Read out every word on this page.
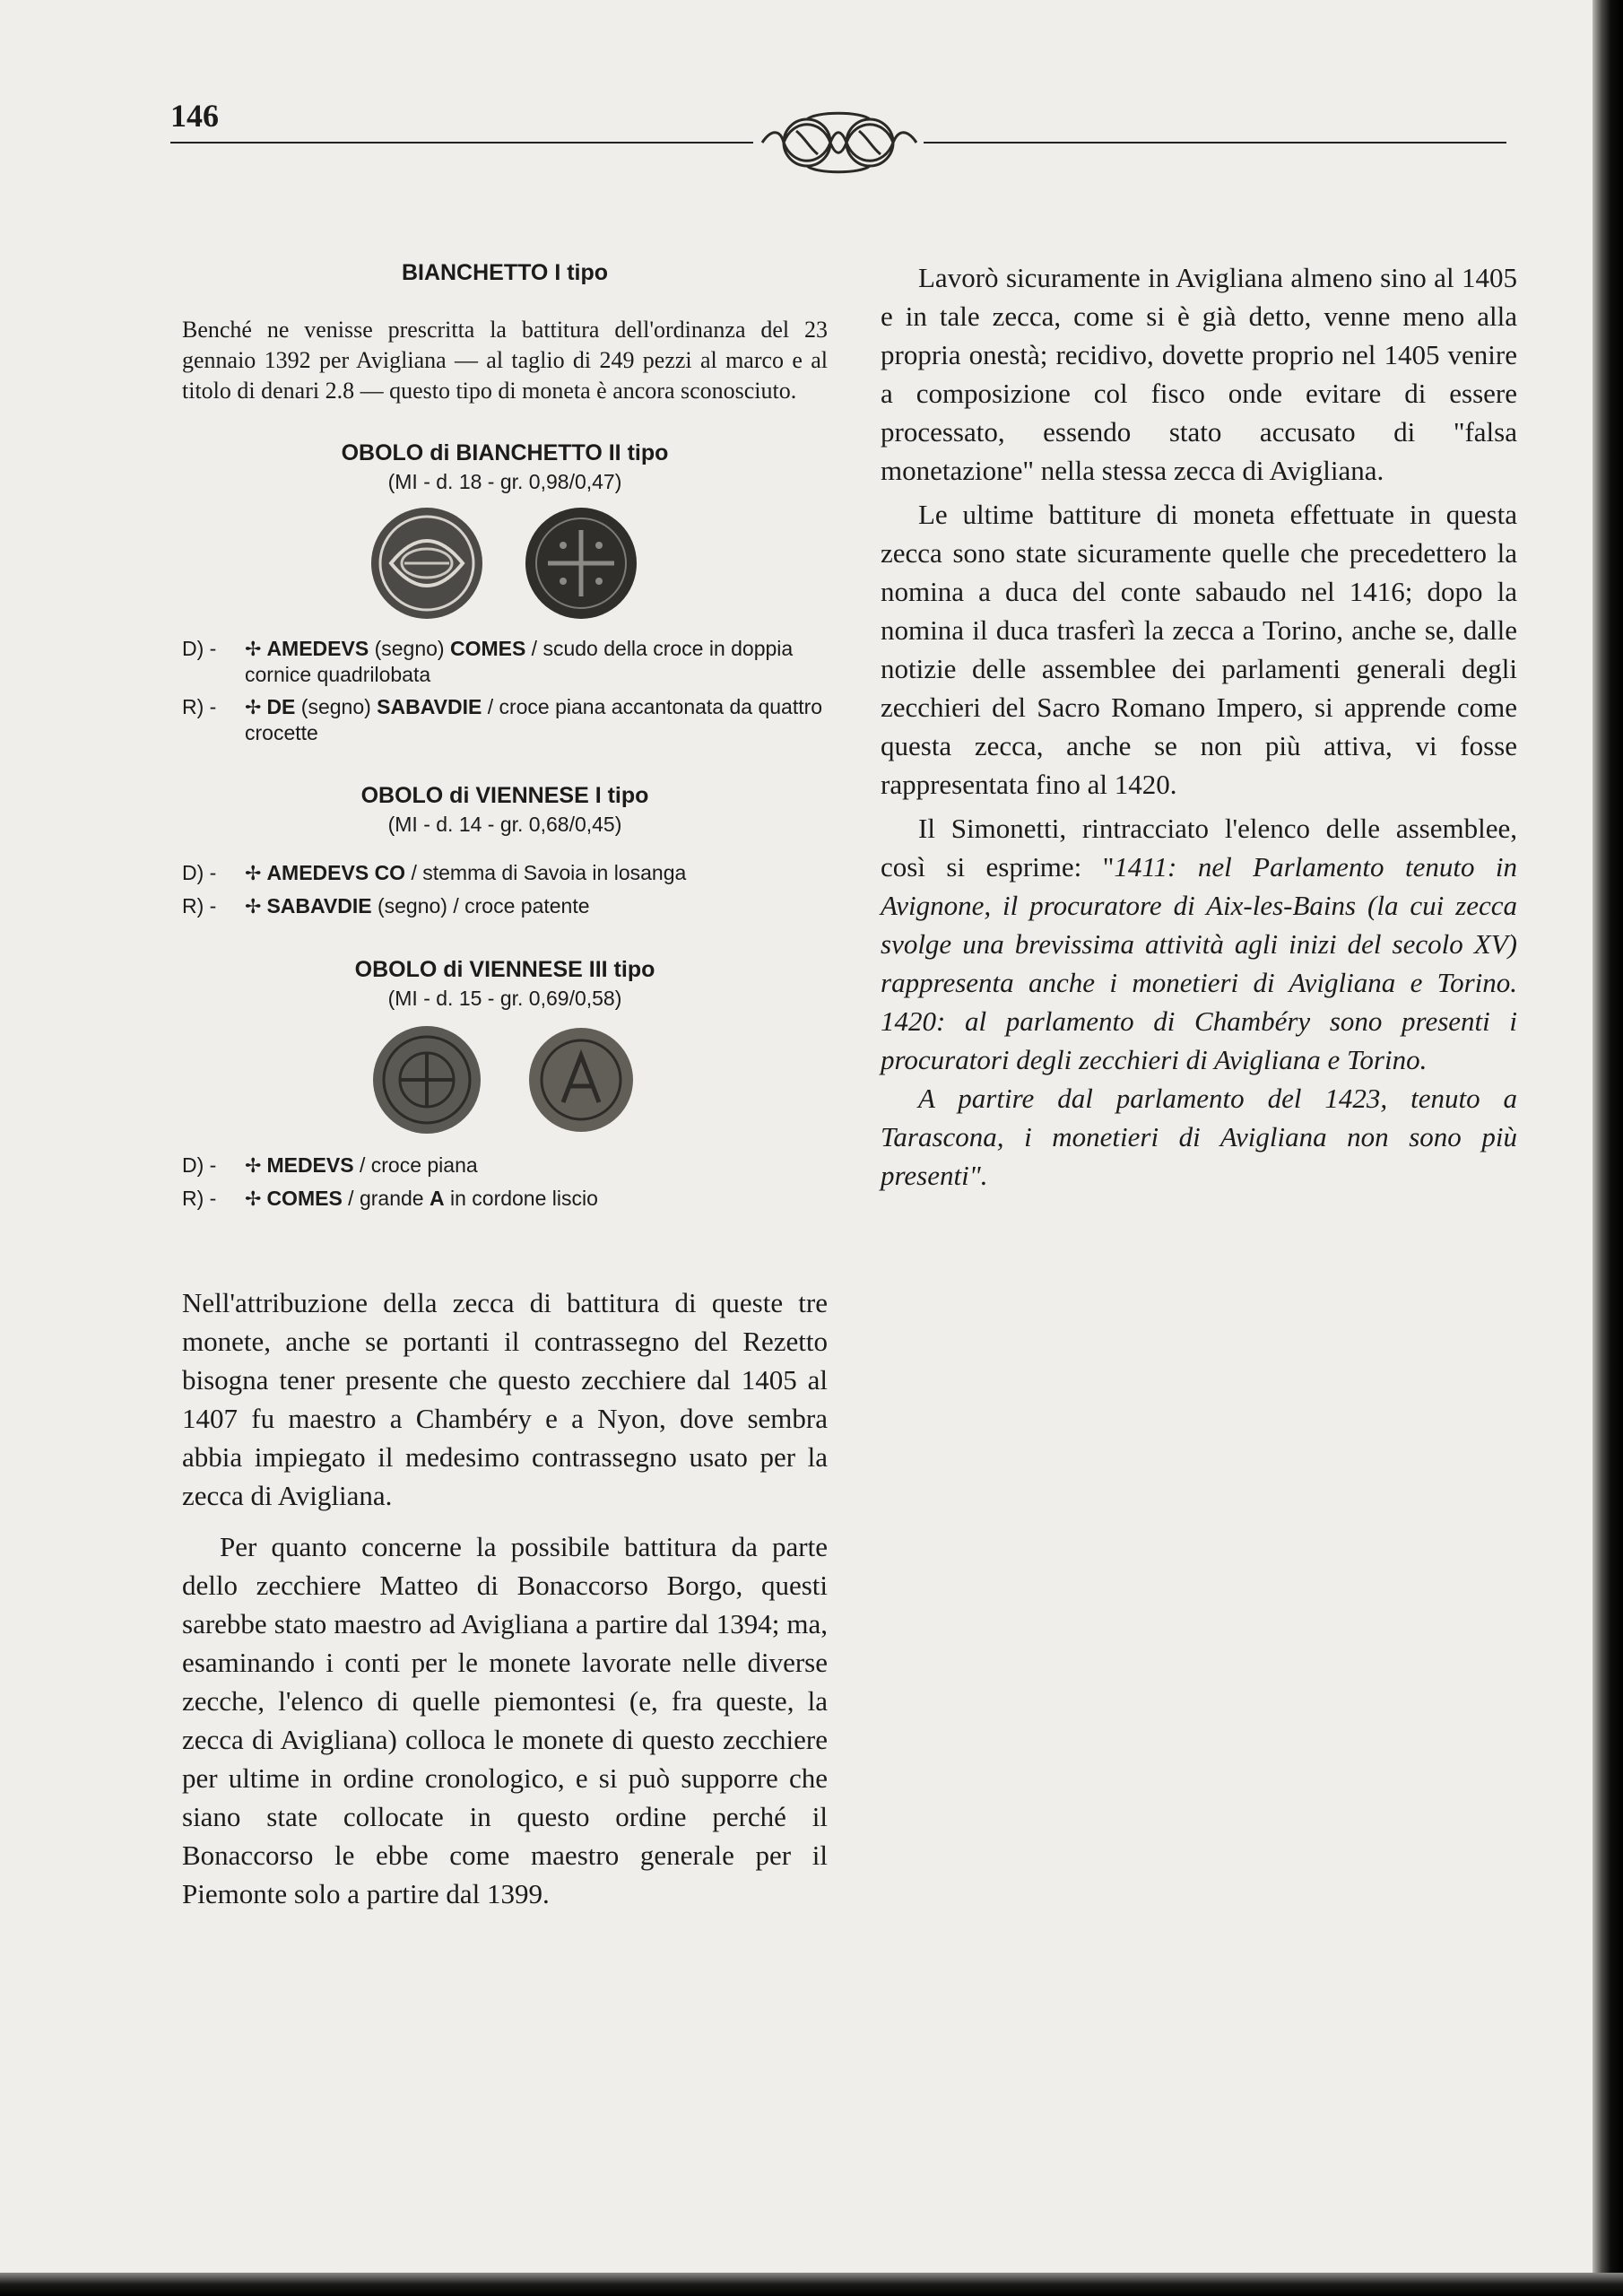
146

BIANCHETTO I tipo

Benché ne venisse prescritta la battitura dell'ordinanza del 23 gennaio 1392 per Avigliana — al taglio di 249 pezzi al marco e al titolo di denari 2.8 — questo tipo di moneta è ancora sconosciuto.

OBOLO di BIANCHETTO II tipo

(MI - d. 18 - gr. 0,98/0,47)

D) -	✢ AMEDEVS (segno) COMES / scudo della croce in doppia cornice quadrilobata
R) -	✢ DE (segno) SABAVDIE / croce piana accantonata da quattro crocette

OBOLO di VIENNESE I tipo

(MI - d. 14 - gr. 0,68/0,45)

D) -	✢ AMEDEVS CO / stemma di Savoia in losanga
R) -	✢ SABAVDIE (segno) / croce patente

OBOLO di VIENNESE III tipo

(MI - d. 15 - gr. 0,69/0,58)

D) -	✢ MEDEVS / croce piana
R) -	✢ COMES / grande A in cordone liscio

Nell'attribuzione della zecca di battitura di queste tre monete, anche se portanti il contrassegno del Rezetto bisogna tener presente che questo zecchiere dal 1405 al 1407 fu maestro a Chambéry e a Nyon, dove sembra abbia impiegato il medesimo contrassegno usato per la zecca di Avigliana.

Per quanto concerne la possibile battitura da parte dello zecchiere Matteo di Bonaccorso Borgo, questi sarebbe stato maestro ad Avigliana a partire dal 1394; ma, esaminando i conti per le monete lavorate nelle diverse zecche, l'elenco di quelle piemontesi (e, fra queste, la zecca di Avigliana) colloca le monete di questo zecchiere per ultime in ordine cronologico, e si può supporre che siano state collocate in questo ordine perché il Bonaccorso le ebbe come maestro generale per il Piemonte solo a partire dal 1399.

Lavorò sicuramente in Avigliana almeno sino al 1405 e in tale zecca, come si è già detto, venne meno alla propria onestà; recidivo, dovette proprio nel 1405 venire a composizione col fisco onde evitare di essere processato, essendo stato accusato di "falsa monetazione" nella stessa zecca di Avigliana.

Le ultime battiture di moneta effettuate in questa zecca sono state sicuramente quelle che precedettero la nomina a duca del conte sabaudo nel 1416; dopo la nomina il duca trasferì la zecca a Torino, anche se, dalle notizie delle assemblee dei parlamenti generali degli zecchieri del Sacro Romano Impero, si apprende come questa zecca, anche se non più attiva, vi fosse rappresentata fino al 1420.

Il Simonetti, rintracciato l'elenco delle assemblee, così si esprime: "1411: nel Parlamento tenuto in Avignone, il procuratore di Aix-les-Bains (la cui zecca svolge una brevissima attività agli inizi del secolo XV) rappresenta anche i monetieri di Avigliana e Torino. 1420: al parlamento di Chambéry sono presenti i procuratori degli zecchieri di Avigliana e Torino.

A partire dal parlamento del 1423, tenuto a Tarascona, i monetieri di Avigliana non sono più presenti".
